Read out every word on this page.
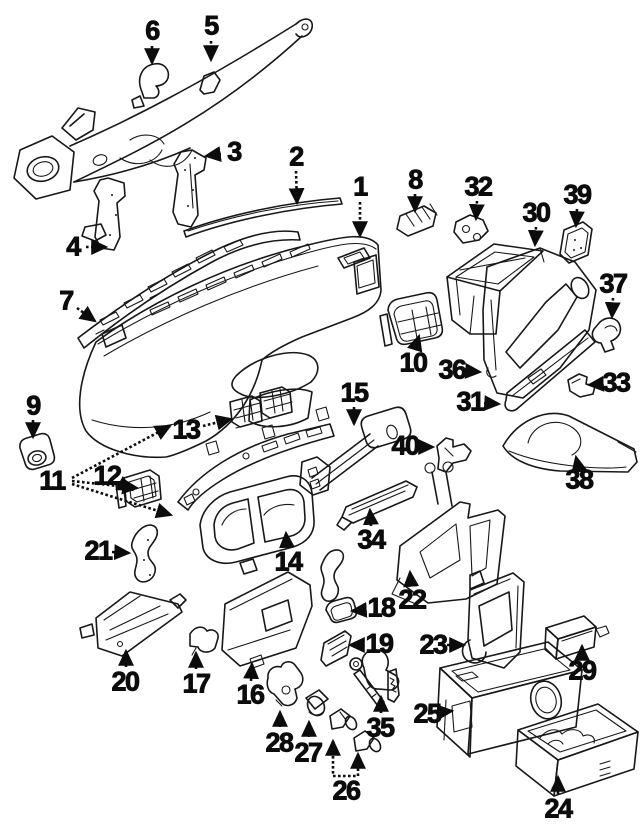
1
2
3
4
5
6
7
8
9
10
11 12
13
14
15
16
17
18
19
20
21
22
23
24
25
26
27
28
29
30
31
32
33
34
35
36
37
38
39
40
